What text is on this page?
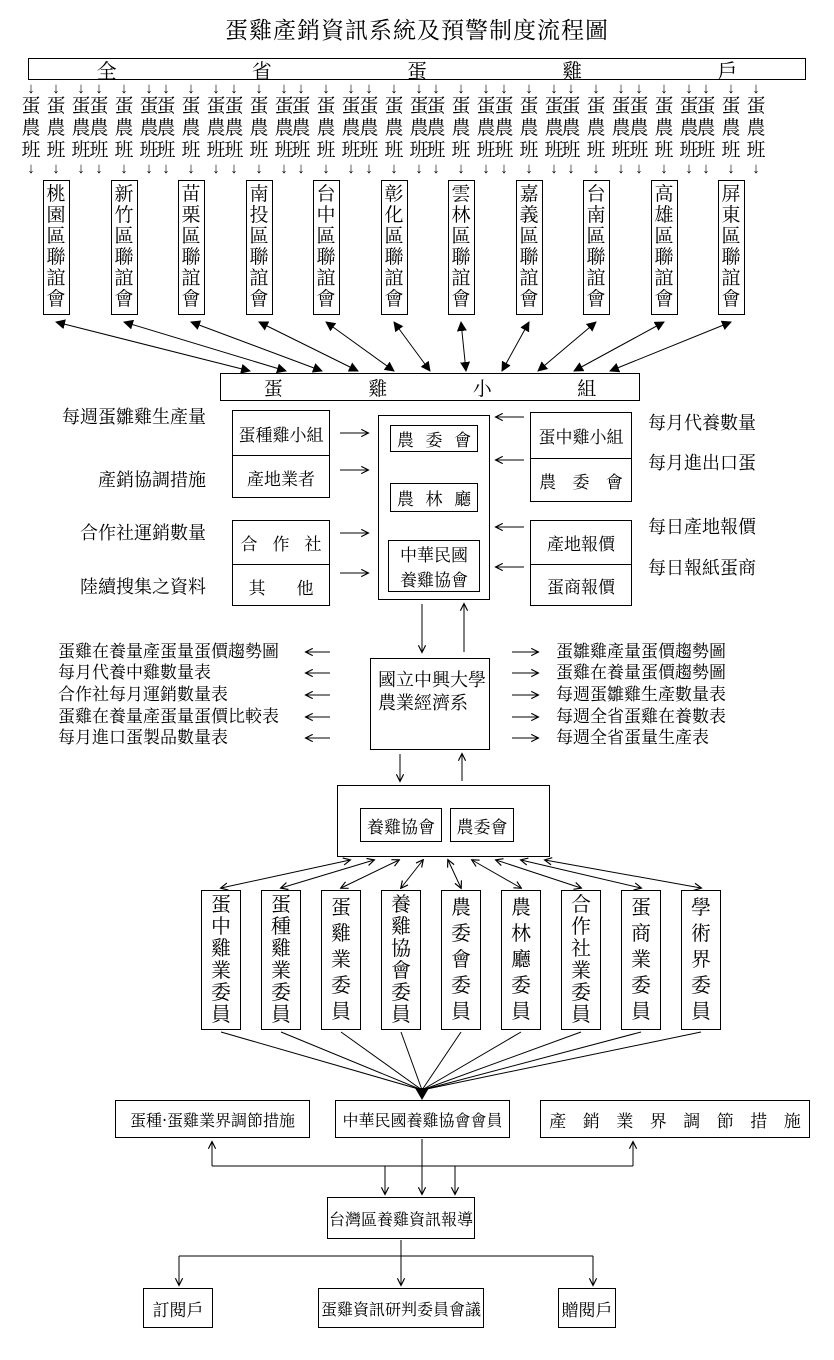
蛋雞產銷資訊系統及預警制度流程圖
全	省	蛋	雞	戶
↓
蛋農班
↓
↓
蛋農班
↓
↓
蛋農班
↓
桃園區聯誼會
↓
蛋農班
↓
↓
蛋農班
↓
↓
蛋農班
↓
新竹區聯誼會
↓
蛋農班
↓
↓
蛋農班
↓
↓
蛋農班
↓
苗栗區聯誼會
↓
蛋農班
↓
↓
蛋農班
↓
↓
蛋農班
↓
南投區聯誼會
↓
蛋農班
↓
↓
蛋農班
↓
↓
蛋農班
↓
台中區聯誼會
↓
蛋農班
↓
↓
蛋農班
↓
↓
蛋農班
↓
彰化區聯誼會
↓
蛋農班
↓
↓
蛋農班
↓
↓
蛋農班
↓
雲林區聯誼會
↓
蛋農班
↓
↓
蛋農班
↓
↓
蛋農班
↓
嘉義區聯誼會
↓
蛋農班
↓
↓
蛋農班
↓
↓
蛋農班
↓
台南區聯誼會
↓
蛋農班
↓
↓
蛋農班
↓
↓
蛋農班
↓
高雄區聯誼會
↓
蛋農班
↓
↓
蛋農班
↓
↓
蛋農班
↓
屏東區聯誼會
蛋	雞	小	組
每週蛋雛雞生產量
產銷協調措施
合作社運銷數量
陸續搜集之資料
蛋種雞小組
產地業者
合 作 社
其 他
農 委 會
農 林 廳
中華民國
養雞協會
蛋中雞小組
農 委 會
產地報價
蛋商報價
每月代養數量
每月進出口蛋
每日產地報價
每日報紙蛋商
國立中興大學
農業經濟系
蛋雞在養量產蛋量蛋價趨勢圖
每月代養中雞數量表
合作社每月運銷數量表
蛋雞在養量產蛋量蛋價比較表
每月進口蛋製品數量表
蛋雛雞產量蛋價趨勢圖
蛋雞在養量蛋價趨勢圖
每週蛋雛雞生產數量表
每週全省蛋雞在養數表
每週全省蛋量生產表
養雞協會	農委會
蛋中雞業委員
蛋種雞業委員
蛋雞業委員
養雞協會委員
農委會委員
農林廳委員
合作社業委員
蛋商業委員
學術界委員
蛋種‧蛋雞業界調節措施	中華民國養雞協會會員	產 銷 業 界 調 節 措 施
台灣區養雞資訊報導
訂閱戶	蛋雞資訊研判委員會議	贈閱戶
